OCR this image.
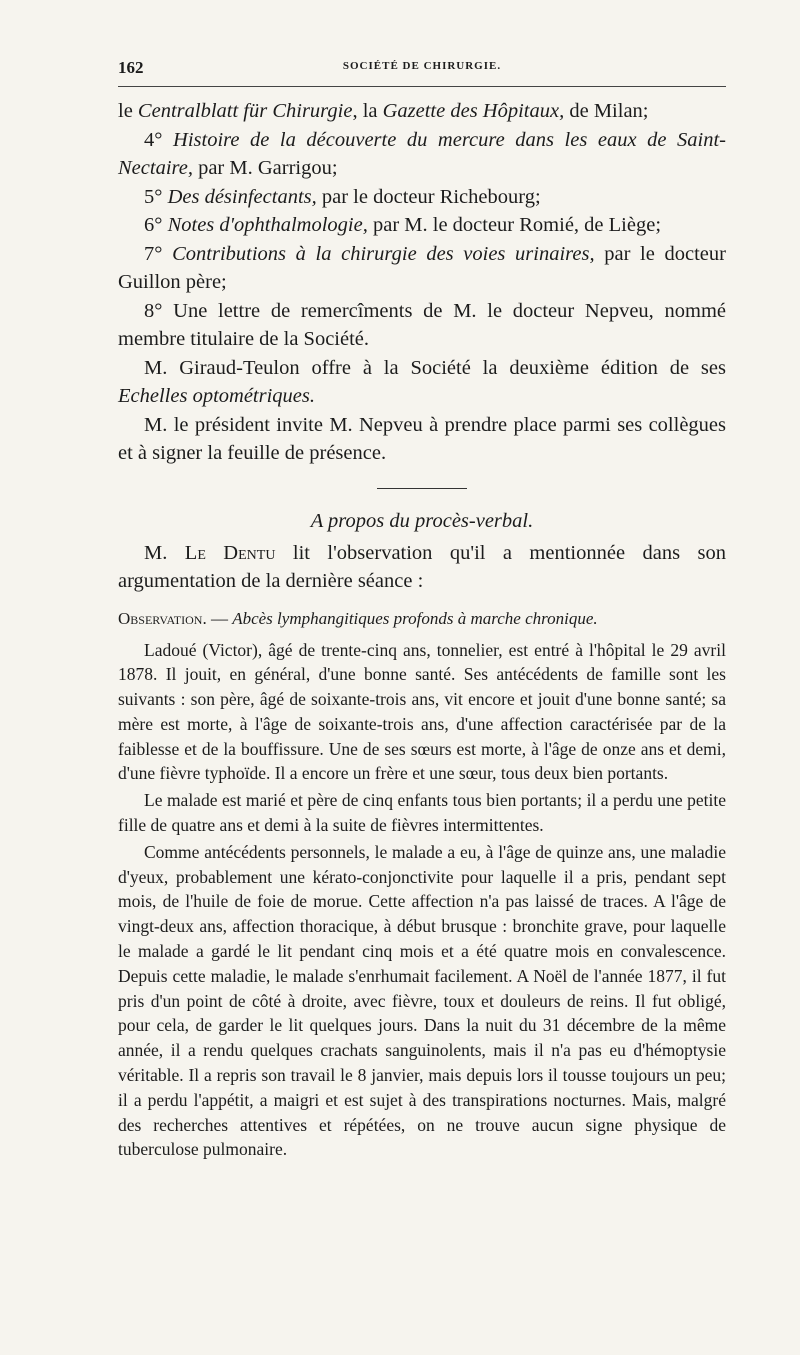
162	SOCIÉTÉ DE CHIRURGIE.

le Centralblatt für Chirurgie, la Gazette des Hôpitaux, de Milan;

4° Histoire de la découverte du mercure dans les eaux de Saint-Nectaire, par M. Garrigou;

5° Des désinfectants, par le docteur Richebourg;

6° Notes d'ophthalmologie, par M. le docteur Romié, de Liège;

7° Contributions à la chirurgie des voies urinaires, par le docteur Guillon père;

8° Une lettre de remercîments de M. le docteur Nepveu, nommé membre titulaire de la Société.

M. Giraud-Teulon offre à la Société la deuxième édition de ses Echelles optométriques.

M. le président invite M. Nepveu à prendre place parmi ses collègues et à signer la feuille de présence.

A propos du procès-verbal.

M. Le Dentu lit l'observation qu'il a mentionnée dans son argumentation de la dernière séance :

Observation. — Abcès lymphangitiques profonds à marche chronique.

Ladoué (Victor), âgé de trente-cinq ans, tonnelier, est entré à l'hôpital le 29 avril 1878. Il jouit, en général, d'une bonne santé. Ses antécédents de famille sont les suivants : son père, âgé de soixante-trois ans, vit encore et jouit d'une bonne santé; sa mère est morte, à l'âge de soixante-trois ans, d'une affection caractérisée par de la faiblesse et de la bouffissure. Une de ses sœurs est morte, à l'âge de onze ans et demi, d'une fièvre typhoïde. Il a encore un frère et une sœur, tous deux bien portants.

Le malade est marié et père de cinq enfants tous bien portants; il a perdu une petite fille de quatre ans et demi à la suite de fièvres intermittentes.

Comme antécédents personnels, le malade a eu, à l'âge de quinze ans, une maladie d'yeux, probablement une kérato-conjonctivite pour laquelle il a pris, pendant sept mois, de l'huile de foie de morue. Cette affection n'a pas laissé de traces. A l'âge de vingt-deux ans, affection thoracique, à début brusque : bronchite grave, pour laquelle le malade a gardé le lit pendant cinq mois et a été quatre mois en convalescence. Depuis cette maladie, le malade s'enrhumait facilement. A Noël de l'année 1877, il fut pris d'un point de côté à droite, avec fièvre, toux et douleurs de reins. Il fut obligé, pour cela, de garder le lit quelques jours. Dans la nuit du 31 décembre de la même année, il a rendu quelques crachats sanguinolents, mais il n'a pas eu d'hémoptysie véritable. Il a repris son travail le 8 janvier, mais depuis lors il tousse toujours un peu; il a perdu l'appétit, a maigri et est sujet à des transpirations nocturnes. Mais, malgré des recherches attentives et répétées, on ne trouve aucun signe physique de tuberculose pulmonaire.
